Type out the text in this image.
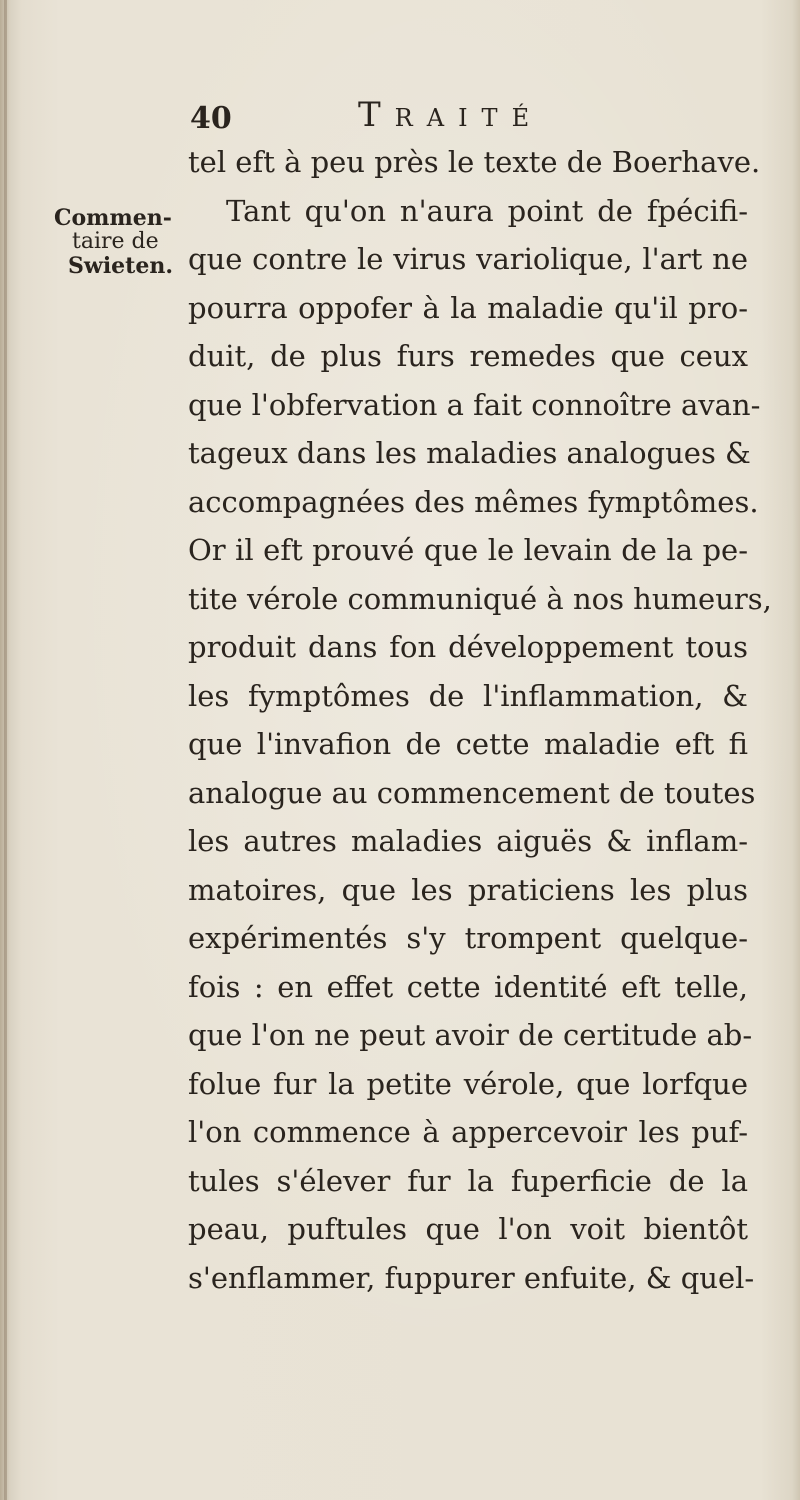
40	Traité
Commen-
taire de
Swieten.
tel eft à peu près le texte de Boerhave.
Tant qu'on n'aura point de fpécifi-
que contre le virus variolique, l'art ne
pourra oppofer à la maladie qu'il pro-
duit, de plus furs remedes que ceux
que l'obfervation a fait connoître avan-
tageux dans les maladies analogues &
accompagnées des mêmes fymptômes.
Or il eft prouvé que le levain de la pe-
tite vérole communiqué à nos humeurs,
produit dans fon développement tous
les fymptômes de l'inflammation, &
que l'invafion de cette maladie eft fi
analogue au commencement de toutes
les autres maladies aiguës & inflam-
matoires, que les praticiens les plus
expérimentés s'y trompent quelque-
fois : en effet cette identité eft telle,
que l'on ne peut avoir de certitude ab-
folue fur la petite vérole, que lorfque
l'on commence à appercevoir les puf-
tules s'élever fur la fuperficie de la
peau, puftules que l'on voit bientôt
s'enflammer, fuppurer enfuite, & quel-
